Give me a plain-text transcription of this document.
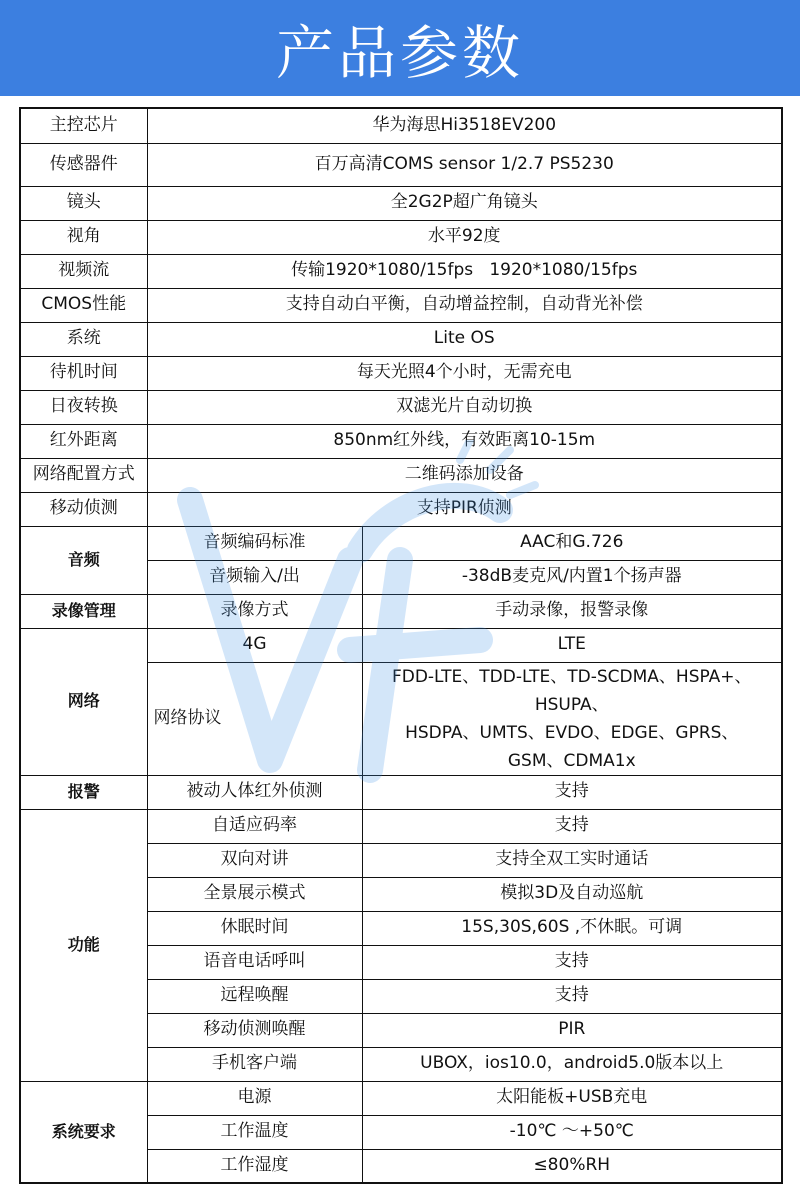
产品参数
主控芯片	华为海思Hi3518EV200	
传感器件	百万高清COMS sensor 1/2.7 PS5230	
镜头	全2G2P超广角镜头	
视角	水平92度	
视频流	传输1920*1080/15fps   1920*1080/15fps	
CMOS性能	支持自动白平衡，自动增益控制，自动背光补偿	
系统	Lite OS	
待机时间	每天光照4个小时，无需充电	
日夜转换	双滤光片自动切换	
红外距离	850nm红外线，有效距离10-15m	
网络配置方式	二维码添加设备	
移动侦测	支持PIR侦测	
音频	音频编码标准	AAC和G.726
	音频输入/出	-38dB麦克风/内置1个扬声器
录像管理	录像方式	手动录像，报警录像
网络	4G	LTE
	网络协议	FDD-LTE、TDD-LTE、TD-SCDMA、HSPA+、
HSUPA、
HSDPA、UMTS、EVDO、EDGE、GPRS、
GSM、CDMA1x

报警	被动人体红外侦测	支持
功能	自适应码率	支持
	双向对讲	支持全双工实时通话
	全景展示模式	模拟3D及自动巡航
	休眠时间	15S,30S,60S ,不休眠。可调
	语音电话呼叫	支持
	远程唤醒	支持
	移动侦测唤醒	PIR
	手机客户端	UBOX，ios10.0，android5.0版本以上
系统要求	电源	太阳能板+USB充电
	工作温度	-10℃ ～+50℃
	工作湿度	≤80%RH
